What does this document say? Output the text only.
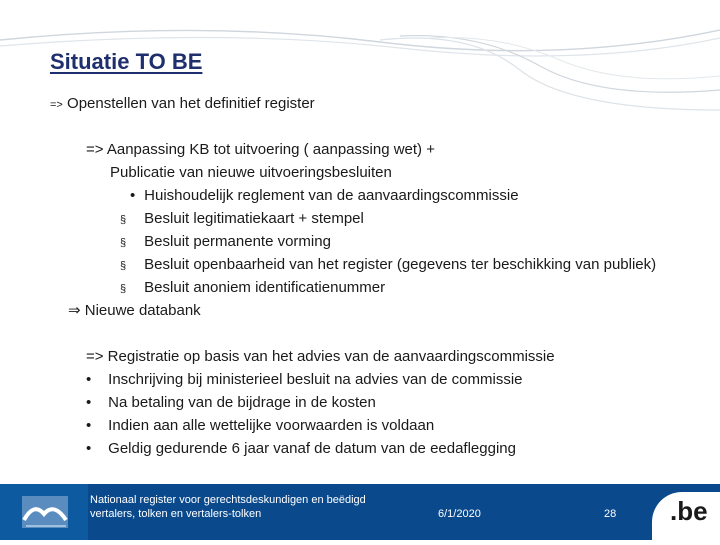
Situatie TO BE
=> Openstellen van het definitief register
=> Aanpassing KB tot uitvoering ( aanpassing wet) +
Publicatie van nieuwe uitvoeringsbesluiten
• Huishoudelijk reglement van de aanvaardingscommissie
§ Besluit legitimatiekaart + stempel
§ Besluit permanente vorming
§ Besluit openbaarheid van het register (gegevens ter beschikking van publiek)
§ Besluit anoniem identificatienummer
⇒ Nieuwe databank
=> Registratie op basis van het advies van de aanvaardingscommissie
• Inschrijving bij ministerieel besluit na advies van de commissie
• Na betaling van de bijdrage in de kosten
• Indien aan alle wettelijke voorwaarden is voldaan
• Geldig gedurende 6 jaar vanaf de datum van de eedaflegging
Nationaal register voor gerechtsdeskundigen en beëdigd
vertalers, tolken en vertalers-tolken	6/1/2020	28 .be
